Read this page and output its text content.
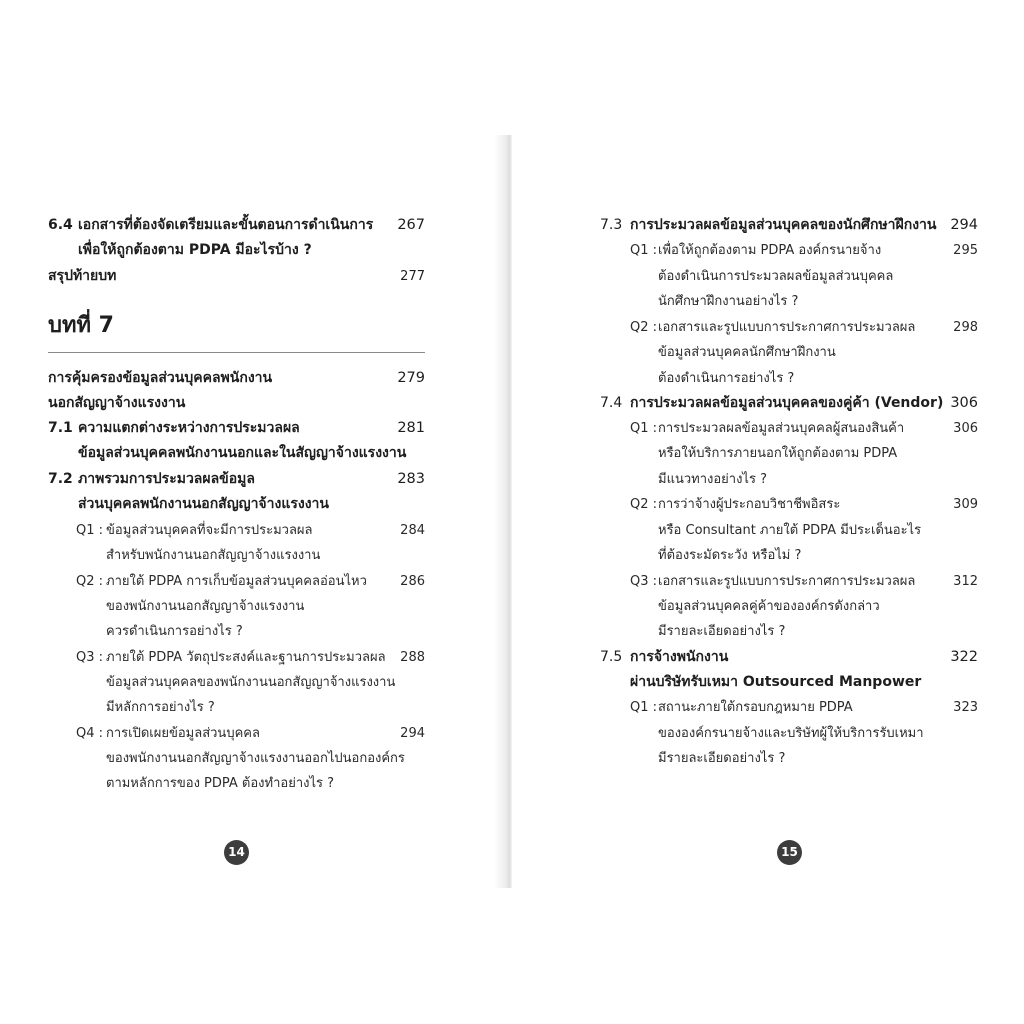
6.4 เอกสารที่ต้องจัดเตรียมและขั้นตอนการดำเนินการ 267
เพื่อให้ถูกต้องตาม PDPA มีอะไรบ้าง ?
สรุปท้ายบท	277
บทที่ 7
การคุ้มครองข้อมูลส่วนบุคคลพนักงาน	279
นอกสัญญาจ้างแรงงาน
7.1 ความแตกต่างระหว่างการประมวลผล	281
ข้อมูลส่วนบุคคลพนักงานนอกและในสัญญาจ้างแรงงาน
7.2 ภาพรวมการประมวลผลข้อมูล	283
ส่วนบุคคลพนักงานนอกสัญญาจ้างแรงงาน
Q1 : ข้อมูลส่วนบุคคลที่จะมีการประมวลผล	284
สำหรับพนักงานนอกสัญญาจ้างแรงงาน
Q2 : ภายใต้ PDPA การเก็บข้อมูลส่วนบุคคลอ่อนไหว	286
ของพนักงานนอกสัญญาจ้างแรงงาน
ควรดำเนินการอย่างไร ?
Q3 : ภายใต้ PDPA วัตถุประสงค์และฐานการประมวลผล 288
ข้อมูลส่วนบุคคลของพนักงานนอกสัญญาจ้างแรงงาน
มีหลักการอย่างไร ?
Q4 : การเปิดเผยข้อมูลส่วนบุคคล	294
ของพนักงานนอกสัญญาจ้างแรงงานออกไปนอกองค์กร
ตามหลักการของ PDPA ต้องทำอย่างไร ?
14
7.3 การประมวลผลข้อมูลส่วนบุคคลของนักศึกษาฝึกงาน 294
Q1 : เพื่อให้ถูกต้องตาม PDPA องค์กรนายจ้าง	295
ต้องดำเนินการประมวลผลข้อมูลส่วนบุคคล
นักศึกษาฝึกงานอย่างไร ?
Q2 : เอกสารและรูปแบบการประกาศการประมวลผล	298
ข้อมูลส่วนบุคคลนักศึกษาฝึกงาน
ต้องดำเนินการอย่างไร ?
7.4 การประมวลผลข้อมูลส่วนบุคคลของคู่ค้า (Vendor) 306
Q1 : การประมวลผลข้อมูลส่วนบุคคลผู้สนองสินค้า	306
หรือให้บริการภายนอกให้ถูกต้องตาม PDPA
มีแนวทางอย่างไร ?
Q2 : การว่าจ้างผู้ประกอบวิชาชีพอิสระ	309
หรือ Consultant ภายใต้ PDPA มีประเด็นอะไร
ที่ต้องระมัดระวัง หรือไม่ ?
Q3 : เอกสารและรูปแบบการประกาศการประมวลผล	312
ข้อมูลส่วนบุคคลคู่ค้าขององค์กรดังกล่าว
มีรายละเอียดอย่างไร ?
7.5 การจ้างพนักงาน	322
ผ่านบริษัทรับเหมา Outsourced Manpower
Q1 : สถานะภายใต้กรอบกฎหมาย PDPA	323
ขององค์กรนายจ้างและบริษัทผู้ให้บริการรับเหมา
มีรายละเอียดอย่างไร ?
15
